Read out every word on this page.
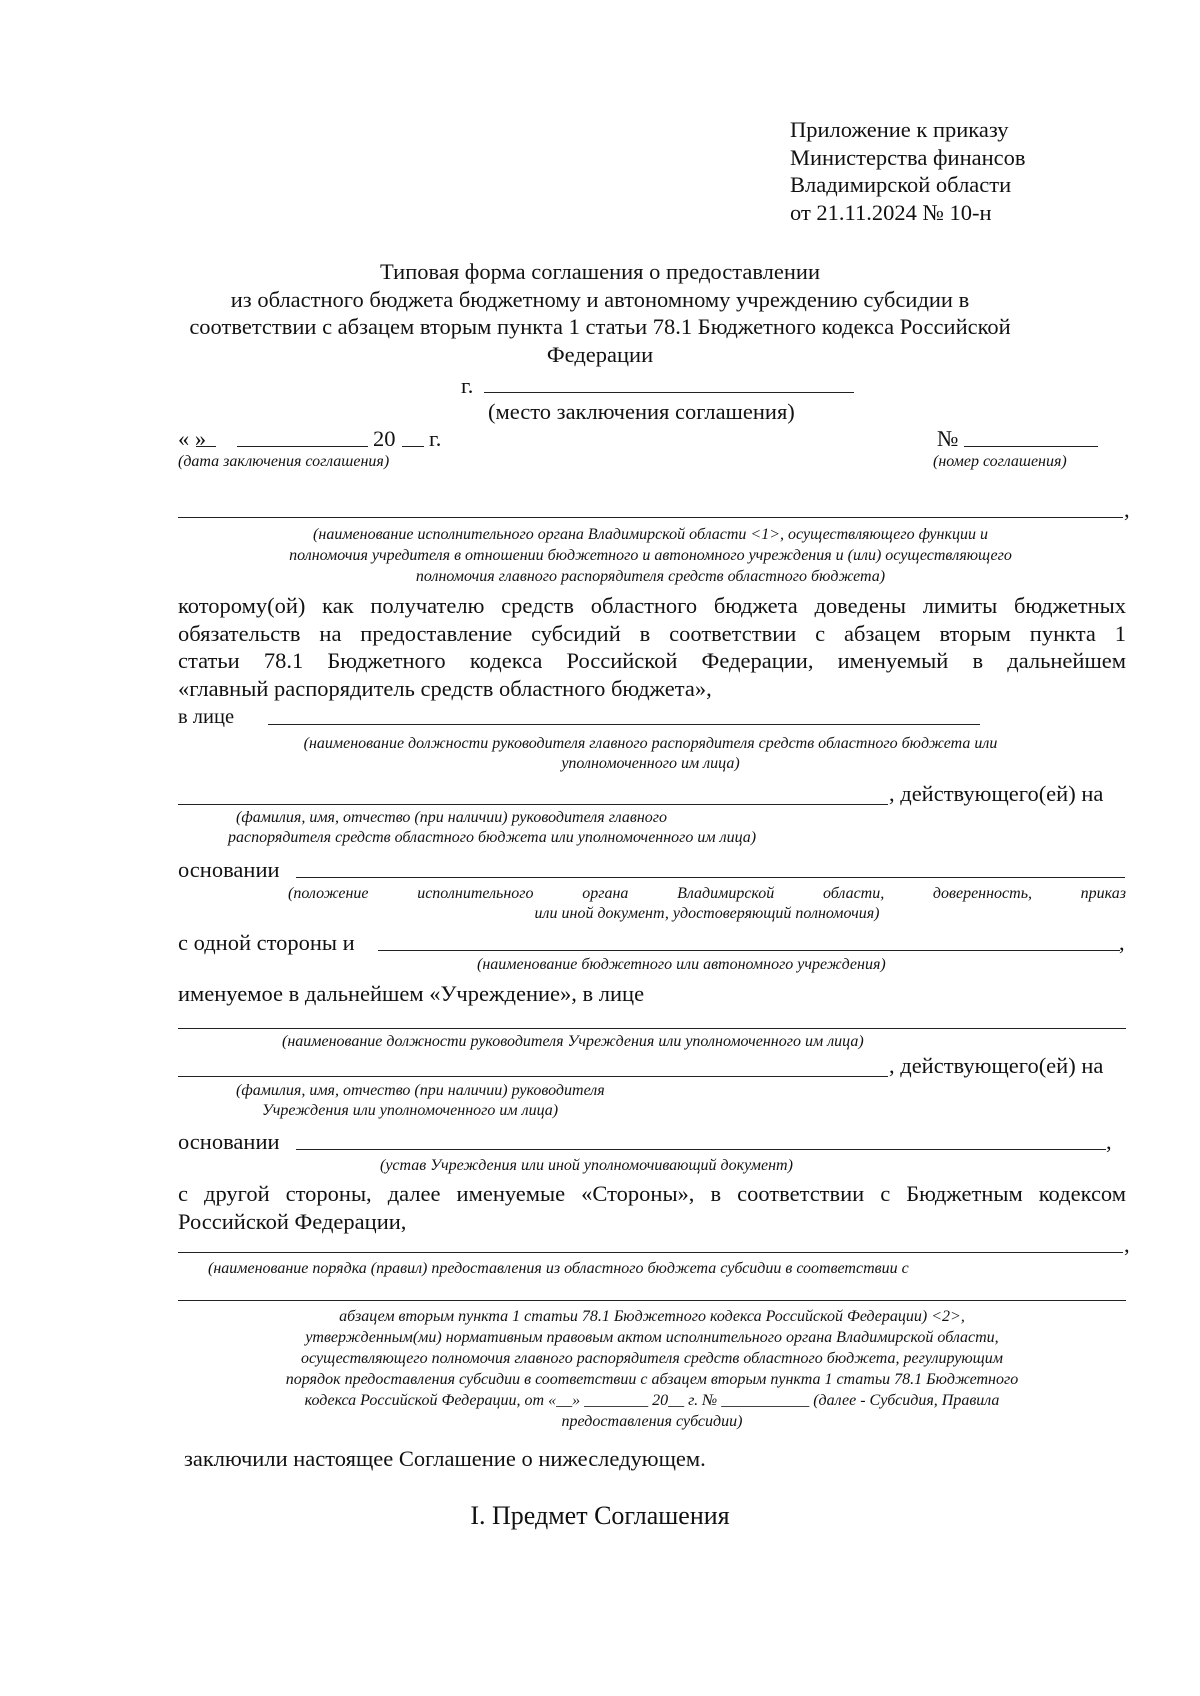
Приложение к приказу
Министерства финансов
Владимирской области
от 21.11.2024 № 10-н
Типовая форма соглашения о предоставлении
из областного бюджета бюджетному и автономному учреждению субсидии в
соответствии с абзацем вторым пункта 1 статьи 78.1 Бюджетного кодекса Российской
Федерации
г.
(место заключения соглашения)
« »	20 г.
(дата заключения соглашения)
№
(номер соглашения)
,
(наименование исполнительного органа Владимирской области <1>, осуществляющего функции и
полномочия учредителя в отношении бюджетного и автономного учреждения и (или) осуществляющего
полномочия главного распорядителя средств областного бюджета)
которому(ой) как получателю средств областного бюджета доведены лимиты бюджетных
обязательств на предоставление субсидий в соответствии с абзацем вторым пункта 1
статьи 78.1 Бюджетного кодекса Российской Федерации, именуемый в дальнейшем
«главный распорядитель средств областного бюджета»,
в лице
(наименование должности руководителя главного распорядителя средств областного бюджета или
уполномоченного им лица)
, действующего(ей) на
(фамилия, имя, отчество (при наличии) руководителя главного
распорядителя средств областного бюджета или уполномоченного им лица)
основании
(положение исполнительного органа Владимирской области, доверенность, приказ
или иной документ, удостоверяющий полномочия)
с одной стороны и	,
(наименование бюджетного или автономного учреждения)
именуемое в дальнейшем «Учреждение», в лице
(наименование должности руководителя Учреждения или уполномоченного им лица)
, действующего(ей) на
(фамилия, имя, отчество (при наличии) руководителя
Учреждения или уполномоченного им лица)
основании	,
(устав Учреждения или иной уполномочивающий документ)
с другой стороны, далее именуемые «Стороны», в соответствии с Бюджетным кодексом
Российской Федерации,
,
(наименование порядка (правил) предоставления из областного бюджета субсидии в соответствии с
абзацем вторым пункта 1 статьи 78.1 Бюджетного кодекса Российской Федерации) <2>,
утвержденным(ми) нормативным правовым актом исполнительного органа Владимирской области,
осуществляющего полномочия главного распорядителя средств областного бюджета, регулирующим
порядок предоставления субсидии в соответствии с абзацем вторым пункта 1 статьи 78.1 Бюджетного
кодекса Российской Федерации, от «__» ________ 20__ г. № ___________ (далее - Субсидия, Правила
предоставления субсидии)
заключили настоящее Соглашение о нижеследующем.
I. Предмет Соглашения
